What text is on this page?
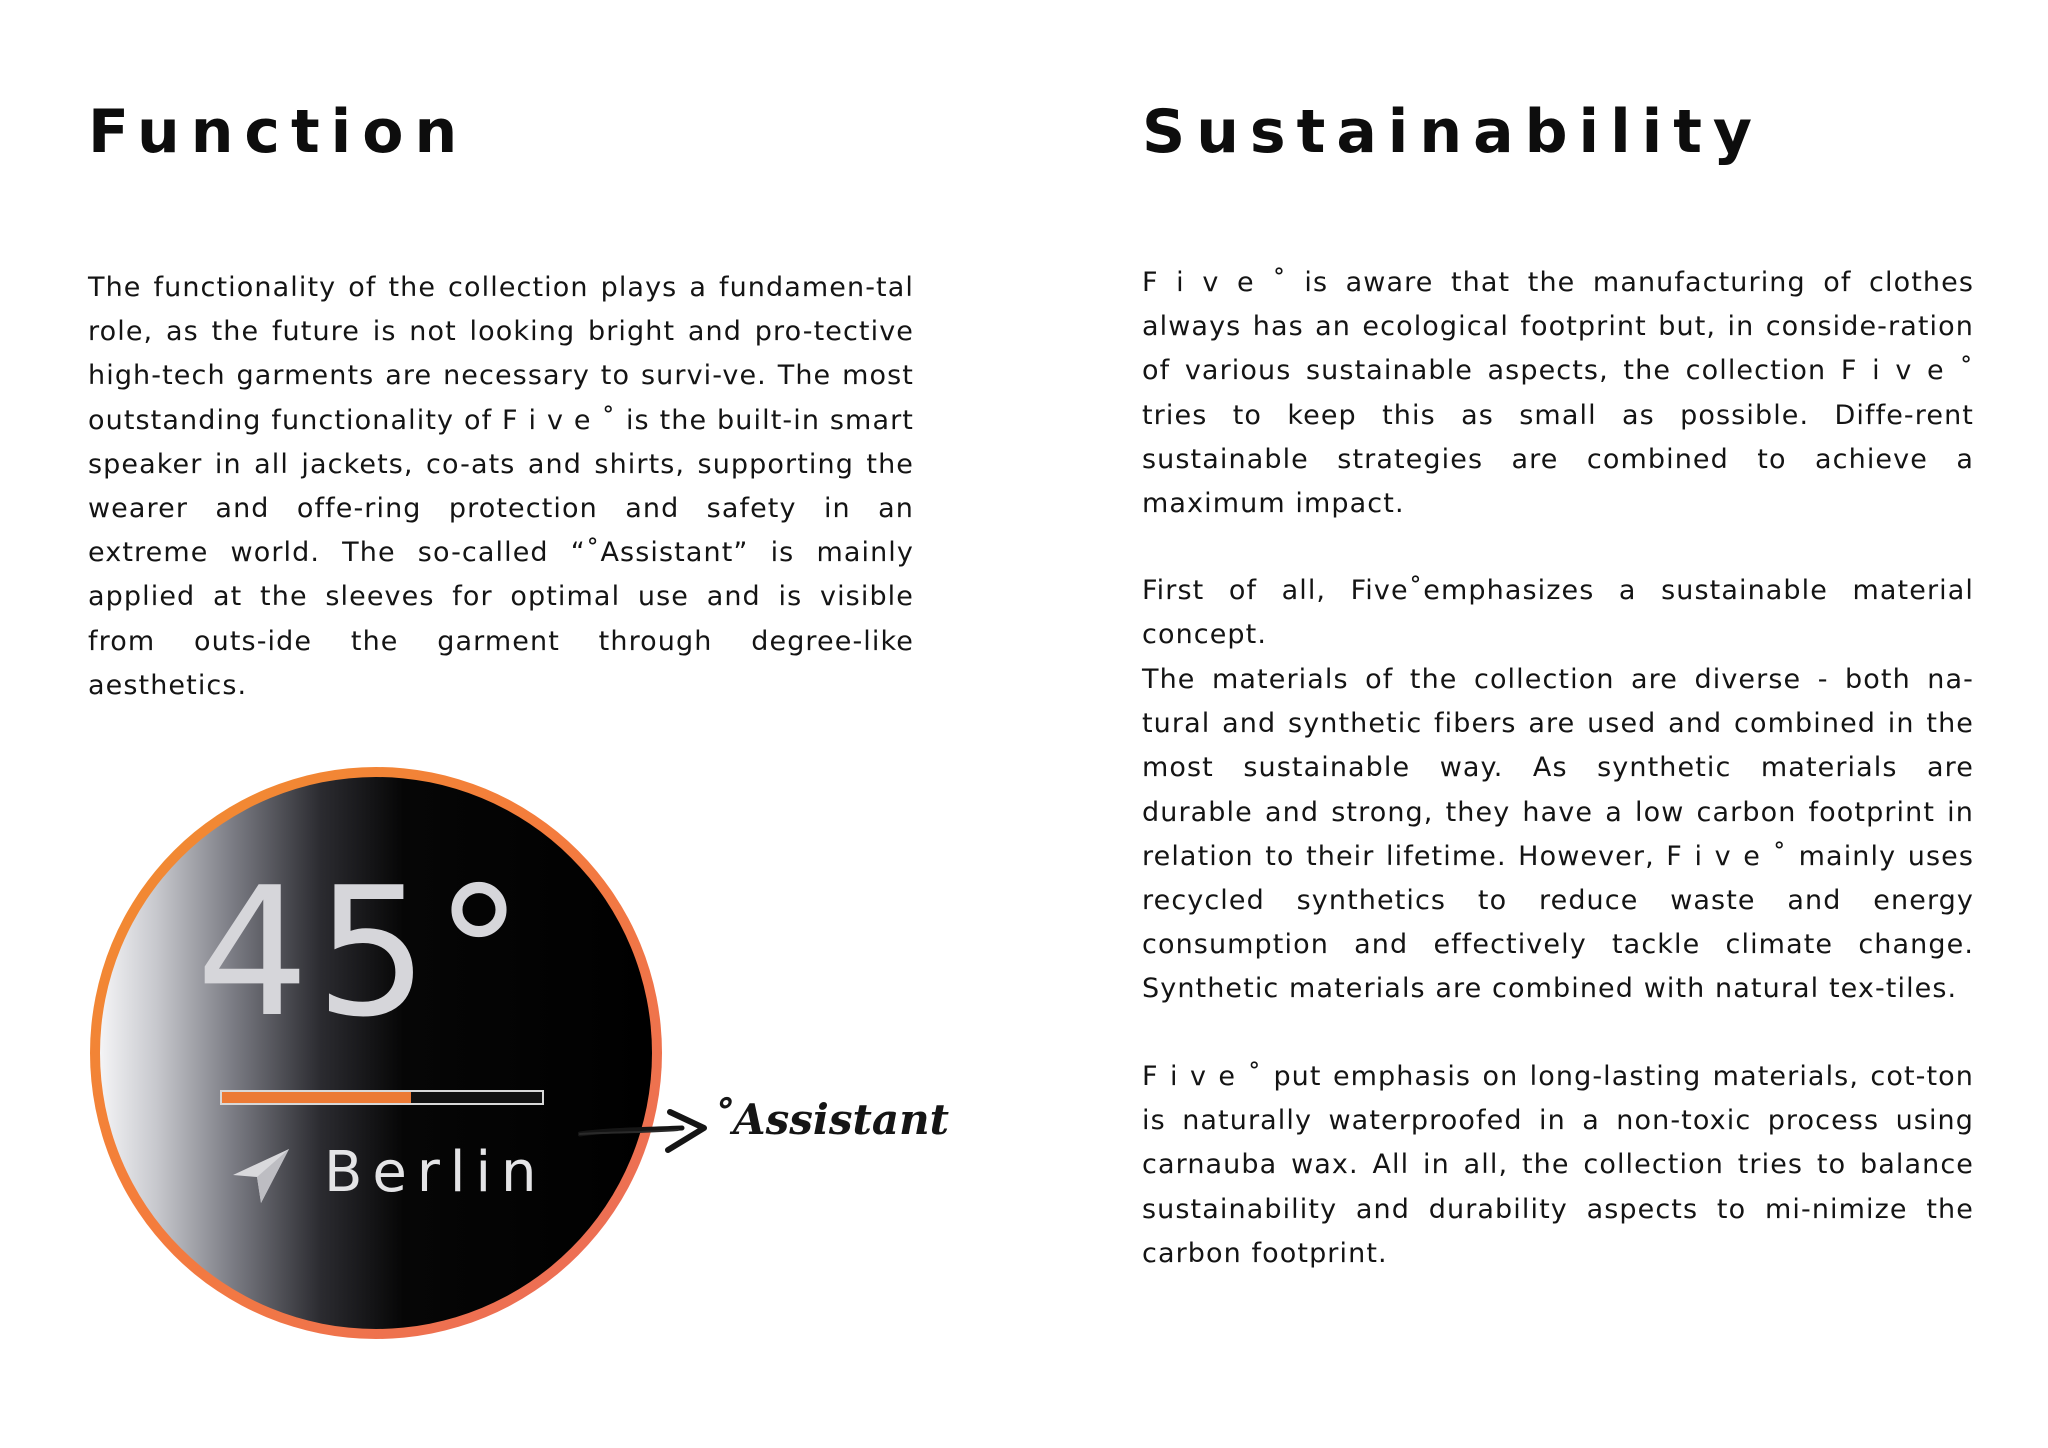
Function

The functionality of the collection plays a fundamen-tal role, as the future is not looking bright and pro-tective high-tech garments are necessary to survi-ve. The most outstanding functionality of F i v e ˚ is the built-in smart speaker in all jackets, co-ats and shirts, supporting the wearer and offe-ring protection and safety in an extreme world. The so-called “˚Assistant” is mainly applied at the sleeves for optimal use and is visible from outs-ide the garment through degree-like aesthetics.

Sustainability

F i v e ˚ is aware that the manufacturing of clothes always has an ecological footprint but, in conside-ration of various sustainable aspects, the collection F i v e ˚ tries to keep this as small as possible. Diffe-rent sustainable strategies are combined to achieve a maximum impact.

First of all, Five˚emphasizes a sustainable material concept.

The materials of the collection are diverse - both na-tural and synthetic fibers are used and combined in the most sustainable way. As synthetic materials are durable and strong, they have a low carbon footprint in relation to their lifetime. However, F i v e ˚ mainly uses recycled synthetics to reduce waste and energy consumption and effectively tackle climate change. Synthetic materials are combined with natural tex-tiles.

F i v e ˚ put emphasis on long-lasting materials, cot-ton is naturally waterproofed in a non-toxic process using carnauba wax. All in all, the collection tries to balance sustainability and durability aspects to mi-nimize the carbon footprint.

45°
Berlin
˚Assistant
